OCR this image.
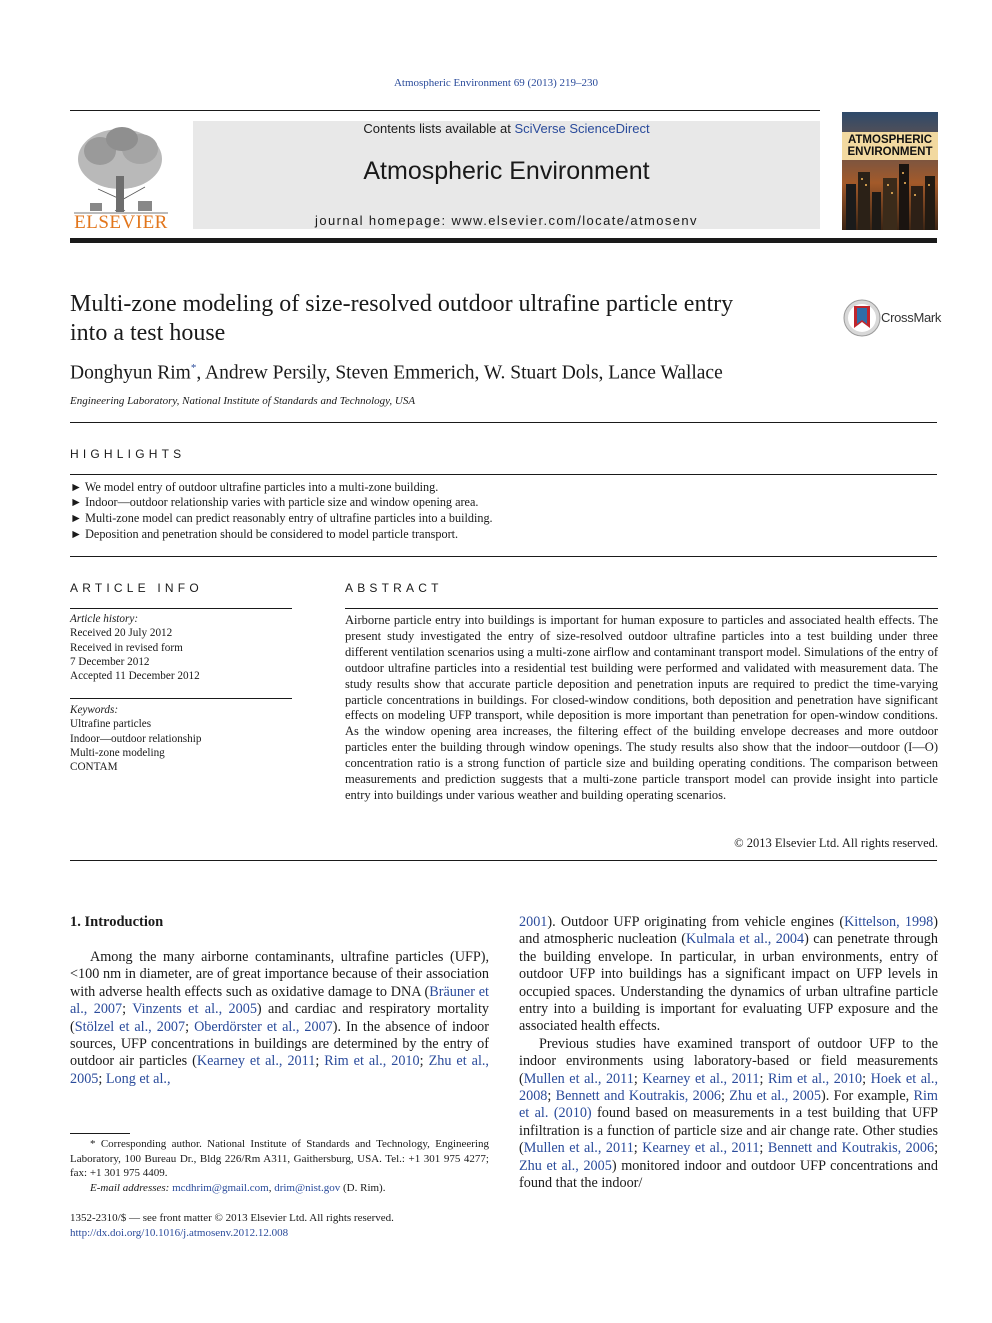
Atmospheric Environment 69 (2013) 219–230
ELSEVIER
Contents lists available at SciVerse ScienceDirect
Atmospheric Environment
journal homepage: www.elsevier.com/locate/atmosenv
ATMOSPHERIC
ENVIRONMENT
Multi-zone modeling of size-resolved outdoor ultrafine particle entry
into a test house
CrossMark
Donghyun Rim*, Andrew Persily, Steven Emmerich, W. Stuart Dols, Lance Wallace
Engineering Laboratory, National Institute of Standards and Technology, USA
HIGHLIGHTS
► We model entry of outdoor ultrafine particles into a multi-zone building.
► Indoor—outdoor relationship varies with particle size and window opening area.
► Multi-zone model can predict reasonably entry of ultrafine particles into a building.
► Deposition and penetration should be considered to model particle transport.
ARTICLE INFO
Article history:
Received 20 July 2012
Received in revised form
7 December 2012
Accepted 11 December 2012
Keywords:
Ultrafine particles
Indoor—outdoor relationship
Multi-zone modeling
CONTAM
ABSTRACT
Airborne particle entry into buildings is important for human exposure to particles and associated health effects. The present study investigated the entry of size-resolved outdoor ultrafine particles into a test building under three different ventilation scenarios using a multi-zone airflow and contaminant transport model. Simulations of the entry of outdoor ultrafine particles into a residential test building were performed and validated with measurement data. The study results show that accurate particle deposition and penetration inputs are required to predict the time-varying particle concentrations in buildings. For closed-window conditions, both deposition and penetration have significant effects on modeling UFP transport, while deposition is more important than penetration for open-window conditions. As the window opening area increases, the filtering effect of the building envelope decreases and more outdoor particles enter the building through window openings. The study results also show that the indoor—outdoor (I—O) concentration ratio is a strong function of particle size and building operating conditions. The comparison between measurements and prediction suggests that a multi-zone particle transport model can provide insight into particle entry into buildings under various weather and building operating scenarios.
© 2013 Elsevier Ltd. All rights reserved.
1. Introduction

Among the many airborne contaminants, ultrafine particles (UFP), <100 nm in diameter, are of great importance because of their association with adverse health effects such as oxidative damage to DNA (Bräuner et al., 2007; Vinzents et al., 2005) and cardiac and respiratory mortality (Stölzel et al., 2007; Oberdörster et al., 2007). In the absence of indoor sources, UFP concentrations in buildings are determined by the entry of outdoor air particles (Kearney et al., 2011; Rim et al., 2010; Zhu et al., 2005; Long et al.,

2001). Outdoor UFP originating from vehicle engines (Kittelson, 1998) and atmospheric nucleation (Kulmala et al., 2004) can penetrate through the building envelope. In particular, in urban environments, entry of outdoor UFP into buildings has a significant impact on UFP levels in occupied spaces. Understanding the dynamics of urban ultrafine particle entry into a building is important for evaluating UFP exposure and the associated health effects.

Previous studies have examined transport of outdoor UFP to the indoor environments using laboratory-based or field measurements (Mullen et al., 2011; Kearney et al., 2011; Rim et al., 2010; Hoek et al., 2008; Bennett and Koutrakis, 2006; Zhu et al., 2005). For example, Rim et al. (2010) found based on measurements in a test building that UFP infiltration is a function of particle size and air change rate. Other studies (Mullen et al., 2011; Kearney et al., 2011; Bennett and Koutrakis, 2006; Zhu et al., 2005) monitored indoor and outdoor UFP concentrations and found that the indoor/

* Corresponding author. National Institute of Standards and Technology, Engineering Laboratory, 100 Bureau Dr., Bldg 226/Rm A311, Gaithersburg, USA. Tel.: +1 301 975 4277; fax: +1 301 975 4409.
E-mail addresses: mcdhrim@gmail.com, drim@nist.gov (D. Rim).
1352-2310/$ — see front matter © 2013 Elsevier Ltd. All rights reserved.
http://dx.doi.org/10.1016/j.atmosenv.2012.12.008
